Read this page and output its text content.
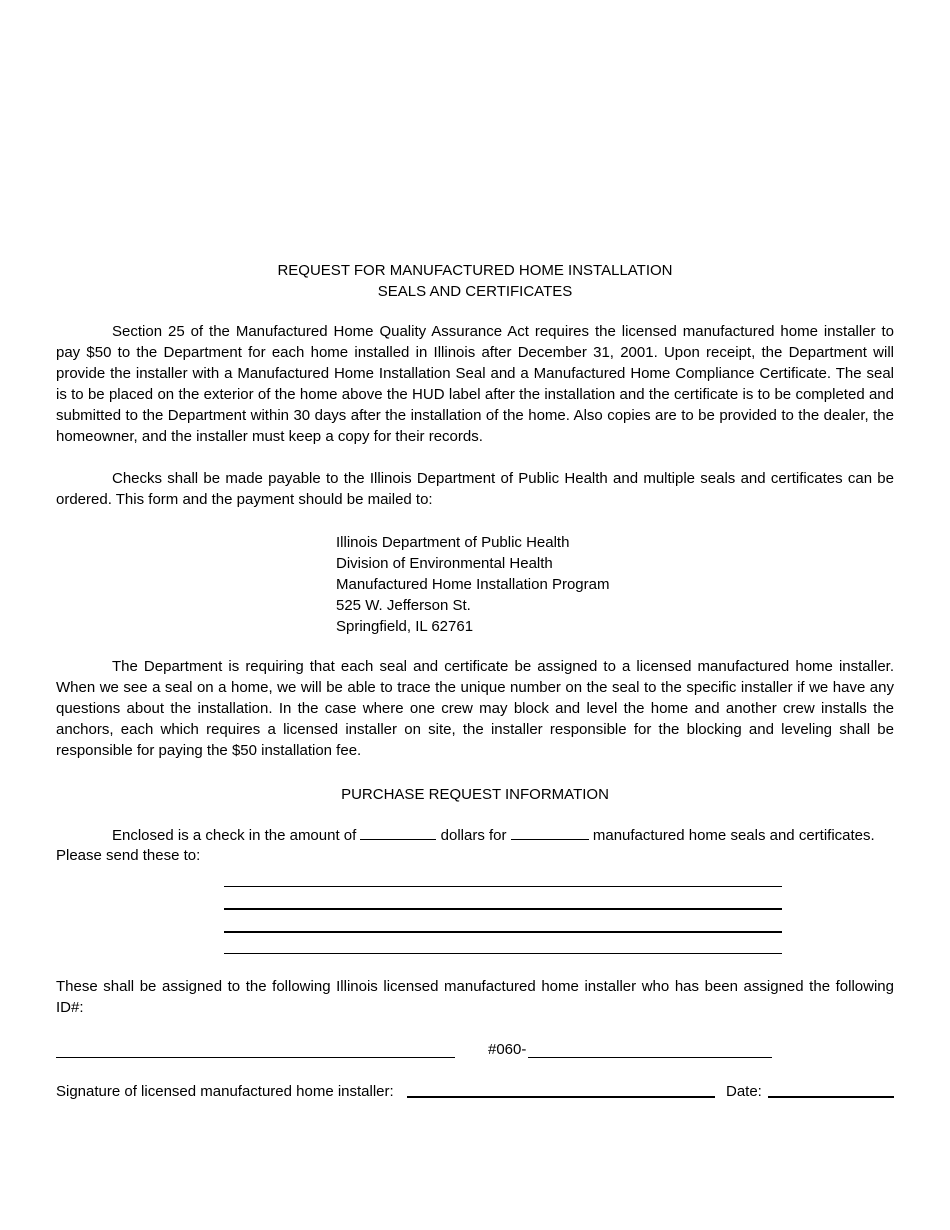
REQUEST FOR MANUFACTURED HOME INSTALLATION
SEALS AND CERTIFICATES

Section 25 of the Manufactured Home Quality Assurance Act requires the licensed manufactured home installer to pay $50 to the Department for each home installed in Illinois after December 31, 2001. Upon receipt, the Department will provide the installer with a Manufactured Home Installation Seal and a Manufactured Home Compliance Certificate. The seal is to be placed on the exterior of the home above the HUD label after the installation and the certificate is to be completed and submitted to the Department within 30 days after the installation of the home. Also copies are to be provided to the dealer, the homeowner, and the installer must keep a copy for their records.

Checks shall be made payable to the Illinois Department of Public Health and multiple seals and certificates can be ordered. This form and the payment should be mailed to:

Illinois Department of Public Health
Division of Environmental Health
Manufactured Home Installation Program
525 W. Jefferson St.
Springfield, IL 62761

The Department is requiring that each seal and certificate be assigned to a licensed manufactured home installer. When we see a seal on a home, we will be able to trace the unique number on the seal to the specific installer if we have any questions about the installation. In the case where one crew may block and level the home and another crew installs the anchors, each which requires a licensed installer on site, the installer responsible for the blocking and leveling shall be responsible for paying the $50 installation fee.

PURCHASE REQUEST INFORMATION
Enclosed is a check in the amount of	dollars for	manufactured home seals and certificates.
Please send these to:

These shall be assigned to the following Illinois licensed manufactured home installer who has been assigned the following ID#:

#060-
Signature of licensed manufactured home installer:	Date:
